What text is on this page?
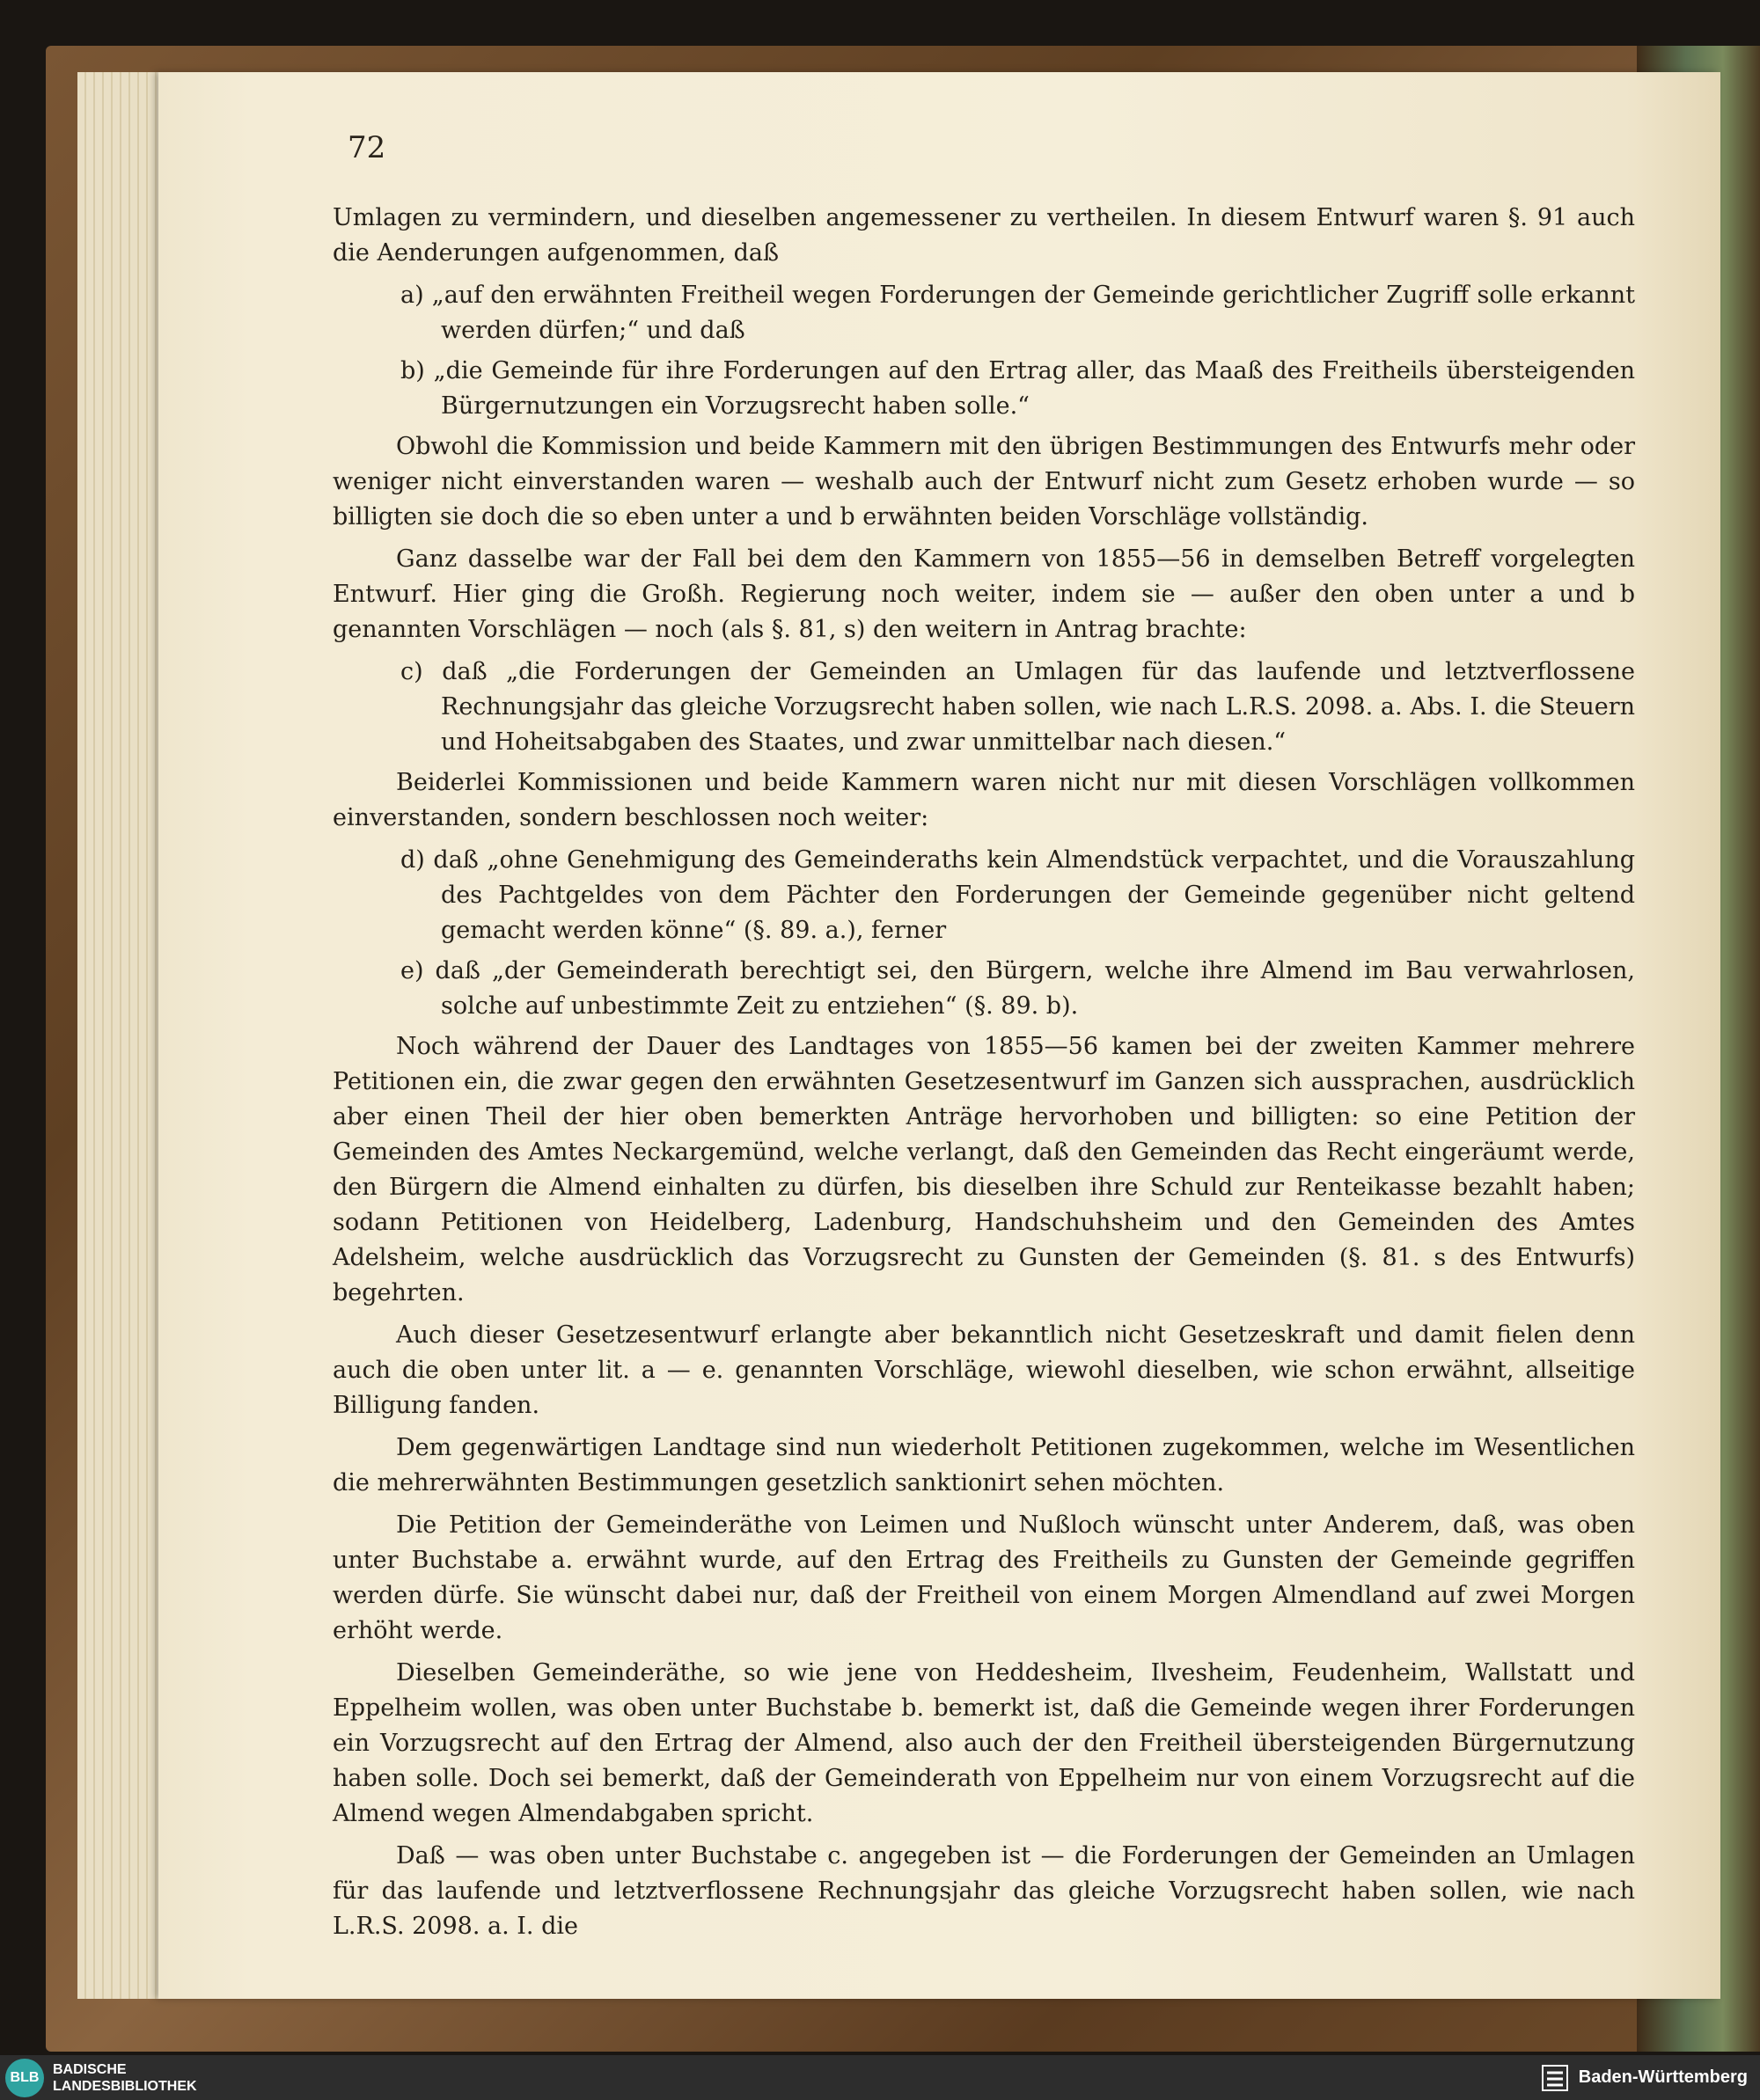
72

Umlagen zu vermindern, und dieselben angemessener zu vertheilen. In diesem Entwurf waren §. 91 auch die Aenderungen aufgenommen, daß

a) „auf den erwähnten Freitheil wegen Forderungen der Gemeinde gerichtlicher Zugriff solle erkannt werden dürfen;“ und daß

b) „die Gemeinde für ihre Forderungen auf den Ertrag aller, das Maaß des Freitheils übersteigenden Bürgernutzungen ein Vorzugsrecht haben solle.“

Obwohl die Kommission und beide Kammern mit den übrigen Bestimmungen des Entwurfs mehr oder weniger nicht einverstanden waren — weshalb auch der Entwurf nicht zum Gesetz erhoben wurde — so billigten sie doch die so eben unter a und b erwähnten beiden Vorschläge vollständig.

Ganz dasselbe war der Fall bei dem den Kammern von 1855—56 in demselben Betreff vorgelegten Entwurf. Hier ging die Großh. Regierung noch weiter, indem sie — außer den oben unter a und b genannten Vorschlägen — noch (als §. 81, s) den weitern in Antrag brachte:

c) daß „die Forderungen der Gemeinden an Umlagen für das laufende und letztverflossene Rechnungsjahr das gleiche Vorzugsrecht haben sollen, wie nach L.R.S. 2098. a. Abs. I. die Steuern und Hoheitsabgaben des Staates, und zwar unmittelbar nach diesen.“

Beiderlei Kommissionen und beide Kammern waren nicht nur mit diesen Vorschlägen vollkommen einverstanden, sondern beschlossen noch weiter:

d) daß „ohne Genehmigung des Gemeinderaths kein Almendstück verpachtet, und die Vorauszahlung des Pachtgeldes von dem Pächter den Forderungen der Gemeinde gegenüber nicht geltend gemacht werden könne“ (§. 89. a.), ferner

e) daß „der Gemeinderath berechtigt sei, den Bürgern, welche ihre Almend im Bau verwahrlosen, solche auf unbestimmte Zeit zu entziehen“ (§. 89. b).

Noch während der Dauer des Landtages von 1855—56 kamen bei der zweiten Kammer mehrere Petitionen ein, die zwar gegen den erwähnten Gesetzesentwurf im Ganzen sich aussprachen, ausdrücklich aber einen Theil der hier oben bemerkten Anträge hervorhoben und billigten: so eine Petition der Gemeinden des Amtes Neckargemünd, welche verlangt, daß den Gemeinden das Recht eingeräumt werde, den Bürgern die Almend einhalten zu dürfen, bis dieselben ihre Schuld zur Renteikasse bezahlt haben; sodann Petitionen von Heidelberg, Ladenburg, Handschuhsheim und den Gemeinden des Amtes Adelsheim, welche ausdrücklich das Vorzugsrecht zu Gunsten der Gemeinden (§. 81. s des Entwurfs) begehrten.

Auch dieser Gesetzesentwurf erlangte aber bekanntlich nicht Gesetzeskraft und damit fielen denn auch die oben unter lit. a — e. genannten Vorschläge, wiewohl dieselben, wie schon erwähnt, allseitige Billigung fanden.

Dem gegenwärtigen Landtage sind nun wiederholt Petitionen zugekommen, welche im Wesentlichen die mehrerwähnten Bestimmungen gesetzlich sanktionirt sehen möchten.

Die Petition der Gemeinderäthe von Leimen und Nußloch wünscht unter Anderem, daß, was oben unter Buchstabe a. erwähnt wurde, auf den Ertrag des Freitheils zu Gunsten der Gemeinde gegriffen werden dürfe. Sie wünscht dabei nur, daß der Freitheil von einem Morgen Almendland auf zwei Morgen erhöht werde.

Dieselben Gemeinderäthe, so wie jene von Heddesheim, Ilvesheim, Feudenheim, Wallstatt und Eppelheim wollen, was oben unter Buchstabe b. bemerkt ist, daß die Gemeinde wegen ihrer Forderungen ein Vorzugsrecht auf den Ertrag der Almend, also auch der den Freitheil übersteigenden Bürgernutzung haben solle. Doch sei bemerkt, daß der Gemeinderath von Eppelheim nur von einem Vorzugsrecht auf die Almend wegen Almendabgaben spricht.

Daß — was oben unter Buchstabe c. angegeben ist — die Forderungen der Gemeinden an Umlagen für das laufende und letztverflossene Rechnungsjahr das gleiche Vorzugsrecht haben sollen, wie nach L.R.S. 2098. a. I. die

BLB
BADISCHE
LANDESBIBLIOTHEK	Baden-Württemberg
